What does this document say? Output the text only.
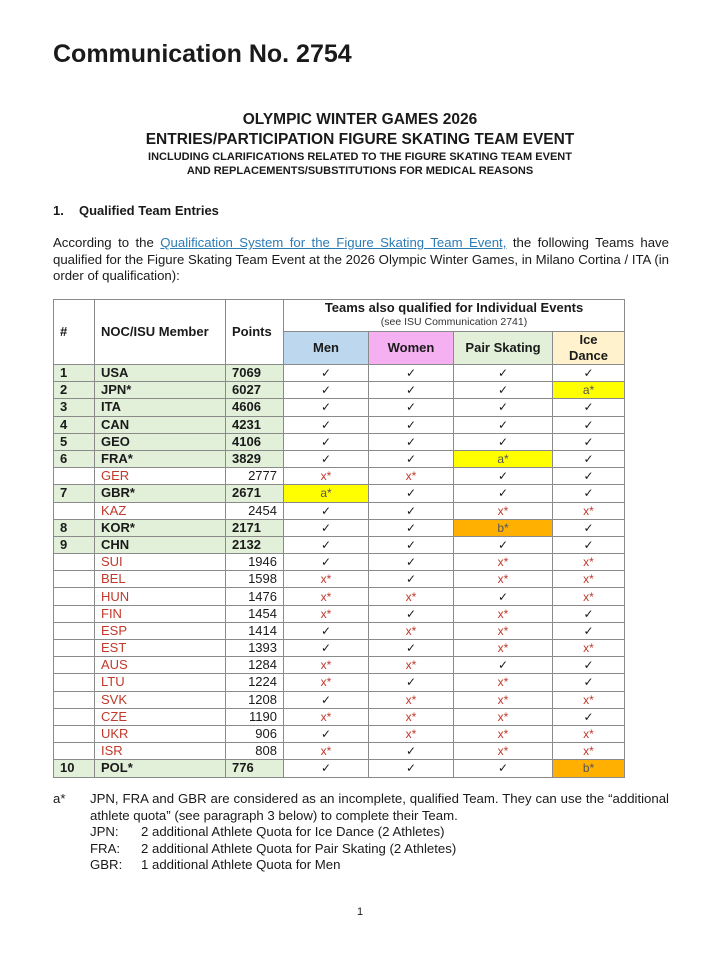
Communication No. 2754
OLYMPIC WINTER GAMES 2026
ENTRIES/PARTICIPATION FIGURE SKATING TEAM EVENT
INCLUDING CLARIFICATIONS RELATED TO THE FIGURE SKATING TEAM EVENT
AND REPLACEMENTS/SUBSTITUTIONS FOR MEDICAL REASONS
1. Qualified Team Entries

According to the Qualification System for the Figure Skating Team Event, the following Teams have qualified for the Figure Skating Team Event at the 2026 Olympic Winter Games, in Milano Cortina / ITA (in order of qualification):

#	NOC/ISU Member	Points	Teams also qualified for Individual Events
(see ISU Communication 2741)			

			Men	Women	Pair Skating	Ice Dance
1	USA	7069	✓	✓	✓	✓
2	JPN*	6027	✓	✓	✓	a*
3	ITA	4606	✓	✓	✓	✓
4	CAN	4231	✓	✓	✓	✓
5	GEO	4106	✓	✓	✓	✓
6	FRA*	3829	✓	✓	a*	✓
	GER	2777	x*	x*	✓	✓
7	GBR*	2671	a*	✓	✓	✓
	KAZ	2454	✓	✓	x*	x*
8	KOR*	2171	✓	✓	b*	✓
9	CHN	2132	✓	✓	✓	✓
	SUI	1946	✓	✓	x*	x*
	BEL	1598	x*	✓	x*	x*
	HUN	1476	x*	x*	✓	x*
	FIN	1454	x*	✓	x*	✓
	ESP	1414	✓	x*	x*	✓
	EST	1393	✓	✓	x*	x*
	AUS	1284	x*	x*	✓	✓
	LTU	1224	x*	✓	x*	✓
	SVK	1208	✓	x*	x*	x*
	CZE	1190	x*	x*	x*	✓
	UKR	906	✓	x*	x*	x*
	ISR	808	x*	✓	x*	x*
10	POL*	776	✓	✓	✓	b*
a*	JPN, FRA and GBR are considered as an incomplete, qualified Team. They can use the “additional athlete quota” (see paragraph 3 below) to complete their Team.
JPN:	2 additional Athlete Quota for Ice Dance (2 Athletes)
FRA:	2 additional Athlete Quota for Pair Skating (2 Athletes)
GBR:	1 additional Athlete Quota for Men
1
